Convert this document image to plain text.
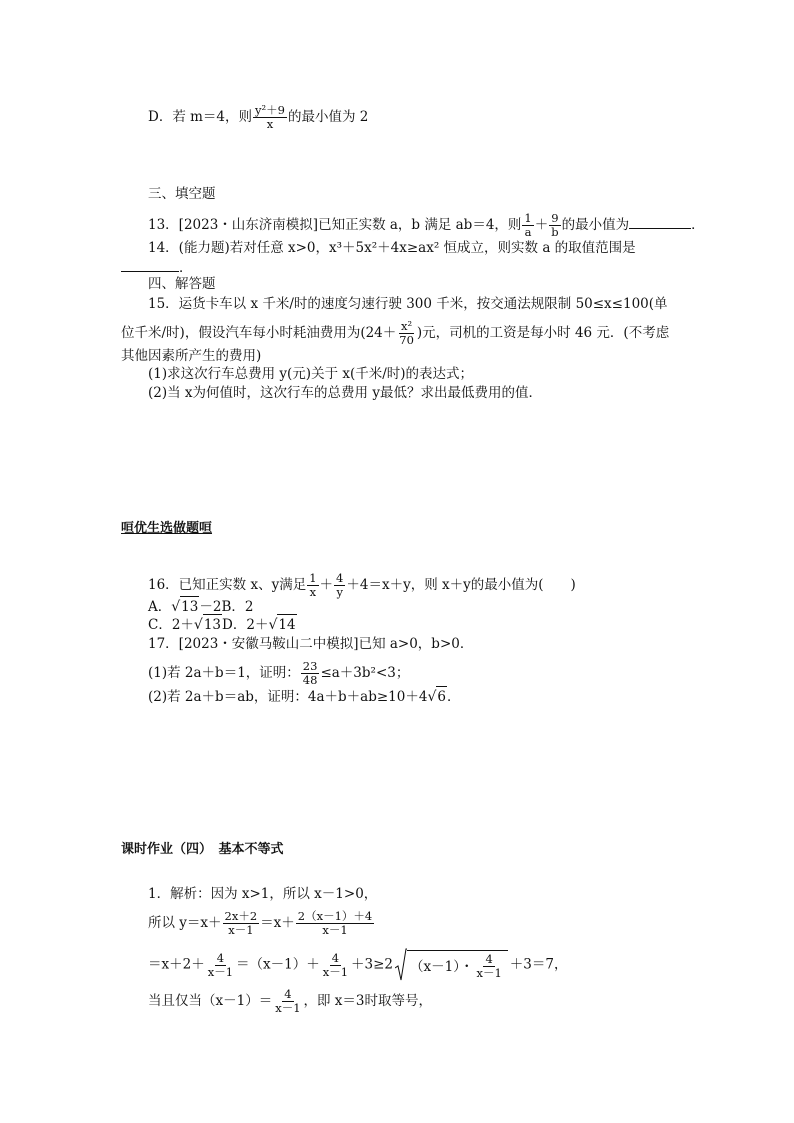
D．若 m＝4，则 $\frac{\text{y²＋9}}{x}$ 的最小值为 2
三、填空题
13．[2023・山东济南模拟]已知正实数 a，b 满足 ab＝4，则 $\frac{1}{a} + \frac{9}{b}$ 的最小值为	．
14．(能力题)若对任意 x>0，x³＋5x²＋4x≥ax² 恒成立，则实数 a 的取值范围是
．
四、解答题
15．运货卡车以 x 千米/时的速度匀速行驶 300 千米，按交通法规限制 50≤x≤100(单
位千米/时)，假设汽车每小时耗油费用为($24+ \frac{\text{x²}}{70}$ )元，司机的工资是每小时 46 元．(不考虑
其他因素所产生的费用)
(1)求这次行车总费用 y(元)关于 x(千米/时)的表达式；
(2)当 x为何值时，这次行车的总费用 y最低？求出最低费用的值．
咺优生选做题咺
16．已知正实数 x、y满足 $\frac{1}{x} + \frac{4}{y} +4=x+y$，则 x＋y的最小值为(　　)
A． √ 13 －2B．2
C．2＋ √ 13 D．2＋ √ 14
17．[2023・安徽马鞍山二中模拟]已知 a>0，b>0．
(1)若 2a＋b＝1，证明： $\frac{23}{48} \le a+3b^2<3$；
(2)若 2a＋b＝ab，证明：4a＋b＋ab≥10＋4 √ 6 ．
课时作业（四）　基本不等式
1．解析：因为 x>1，所以 x－1>0，
所以 $y=x+ \frac{2x+2}{x-1} =x+ \frac{2(x-1)+4}{x-1}$
$=x+2+ \frac{4}{x-1} =(x-1)+ \frac{4}{x-1} +3\ge 2$ （x－1）・ $\frac{4}{x-1} +3=7$，
当且仅当$(x-1)= \frac{4}{x-1}$ ，即 x＝3时取等号，
